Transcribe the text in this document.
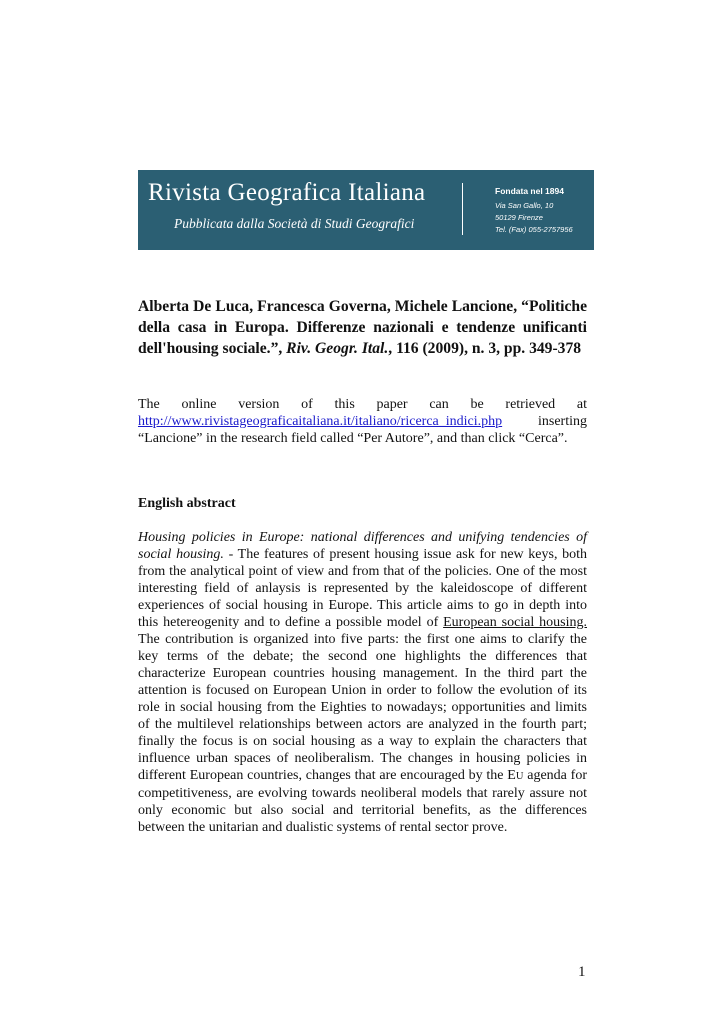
Rivista Geografica Italiana
Pubblicata dalla Società di Studi Geografici
Fondata nel 1894
Via San Gallo, 10
50129 Firenze
Tel. (Fax) 055-2757956
Alberta De Luca, Francesca Governa, Michele Lancione, “Politiche della casa in Europa. Differenze nazionali e tendenze unificanti dell'housing sociale.”, Riv. Geogr. Ital., 116 (2009), n. 3, pp. 349-378
The online version of this paper can be retrieved at http://www.rivistageograficaitaliana.it/italiano/ricerca_indici.php inserting “Lancione” in the research field called “Per Autore”, and than click “Cerca”.
English abstract
Housing policies in Europe: national differences and unifying tendencies of social housing. - The features of present housing issue ask for new keys, both from the analytical point of view and from that of the policies. One of the most interesting field of anlaysis is represented by the kaleidoscope of different experiences of social housing in Europe. This article aims to go in depth into this hetereogenity and to define a possible model of European social housing. The contribution is organized into five parts: the first one aims to clarify the key terms of the debate; the second one highlights the differences that characterize European countries housing management. In the third part the attention is focused on European Union in order to follow the evolution of its role in social housing from the Eighties to nowadays; opportunities and limits of the multilevel relationships between actors are analyzed in the fourth part; finally the focus is on social housing as a way to explain the characters that influence urban spaces of neoliberalism. The changes in housing policies in different European countries, changes that are encouraged by the EU agenda for competitiveness, are evolving towards neoliberal models that rarely assure not only economic but also social and territorial benefits, as the differences between the unitarian and dualistic systems of rental sector prove.
1
